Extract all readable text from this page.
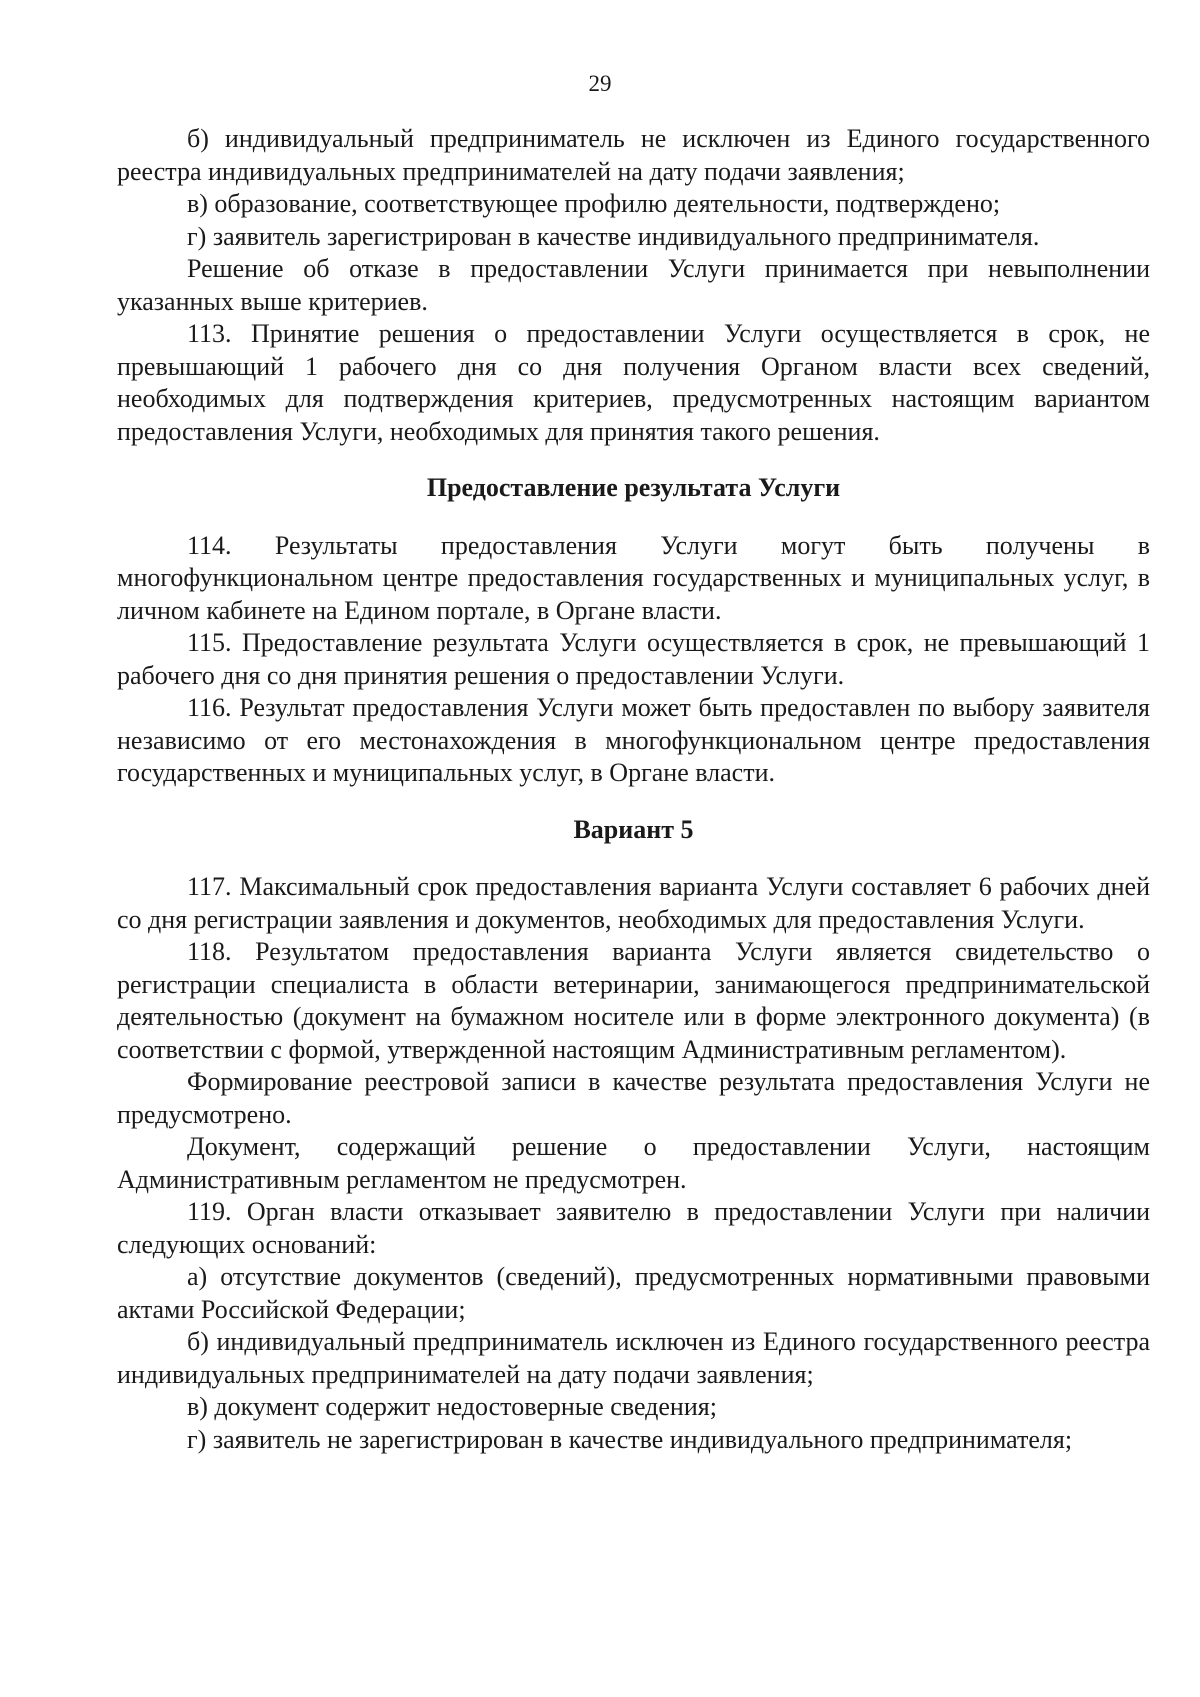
29

б) индивидуальный предприниматель не исключен из Единого государственного реестра индивидуальных предпринимателей на дату подачи заявления;

в) образование, соответствующее профилю деятельности, подтверждено;

г) заявитель зарегистрирован в качестве индивидуального предпринимателя.

Решение об отказе в предоставлении Услуги принимается при невыполнении указанных выше критериев.

113. Принятие решения о предоставлении Услуги осуществляется в срок, не превышающий 1 рабочего дня со дня получения Органом власти всех сведений, необходимых для подтверждения критериев, предусмотренных настоящим вариантом предоставления Услуги, необходимых для принятия такого решения.

Предоставление результата Услуги

114. Результаты предоставления Услуги могут быть получены в многофункциональном центре предоставления государственных и муниципальных услуг, в личном кабинете на Едином портале, в Органе власти.

115. Предоставление результата Услуги осуществляется в срок, не превышающий 1 рабочего дня со дня принятия решения о предоставлении Услуги.

116. Результат предоставления Услуги может быть предоставлен по выбору заявителя независимо от его местонахождения в многофункциональном центре предоставления государственных и муниципальных услуг, в Органе власти.

Вариант 5

117. Максимальный срок предоставления варианта Услуги составляет 6 рабочих дней со дня регистрации заявления и документов, необходимых для предоставления Услуги.

118. Результатом предоставления варианта Услуги является свидетельство о регистрации специалиста в области ветеринарии, занимающегося предпринимательской деятельностью (документ на бумажном носителе или в форме электронного документа) (в соответствии с формой, утвержденной настоящим Административным регламентом).

Формирование реестровой записи в качестве результата предоставления Услуги не предусмотрено.

Документ, содержащий решение о предоставлении Услуги, настоящим Административным регламентом не предусмотрен.

119. Орган власти отказывает заявителю в предоставлении Услуги при наличии следующих оснований:

а) отсутствие документов (сведений), предусмотренных нормативными правовыми актами Российской Федерации;

б) индивидуальный предприниматель исключен из Единого государственного реестра индивидуальных предпринимателей на дату подачи заявления;

в) документ содержит недостоверные сведения;

г) заявитель не зарегистрирован в качестве индивидуального предпринимателя;
